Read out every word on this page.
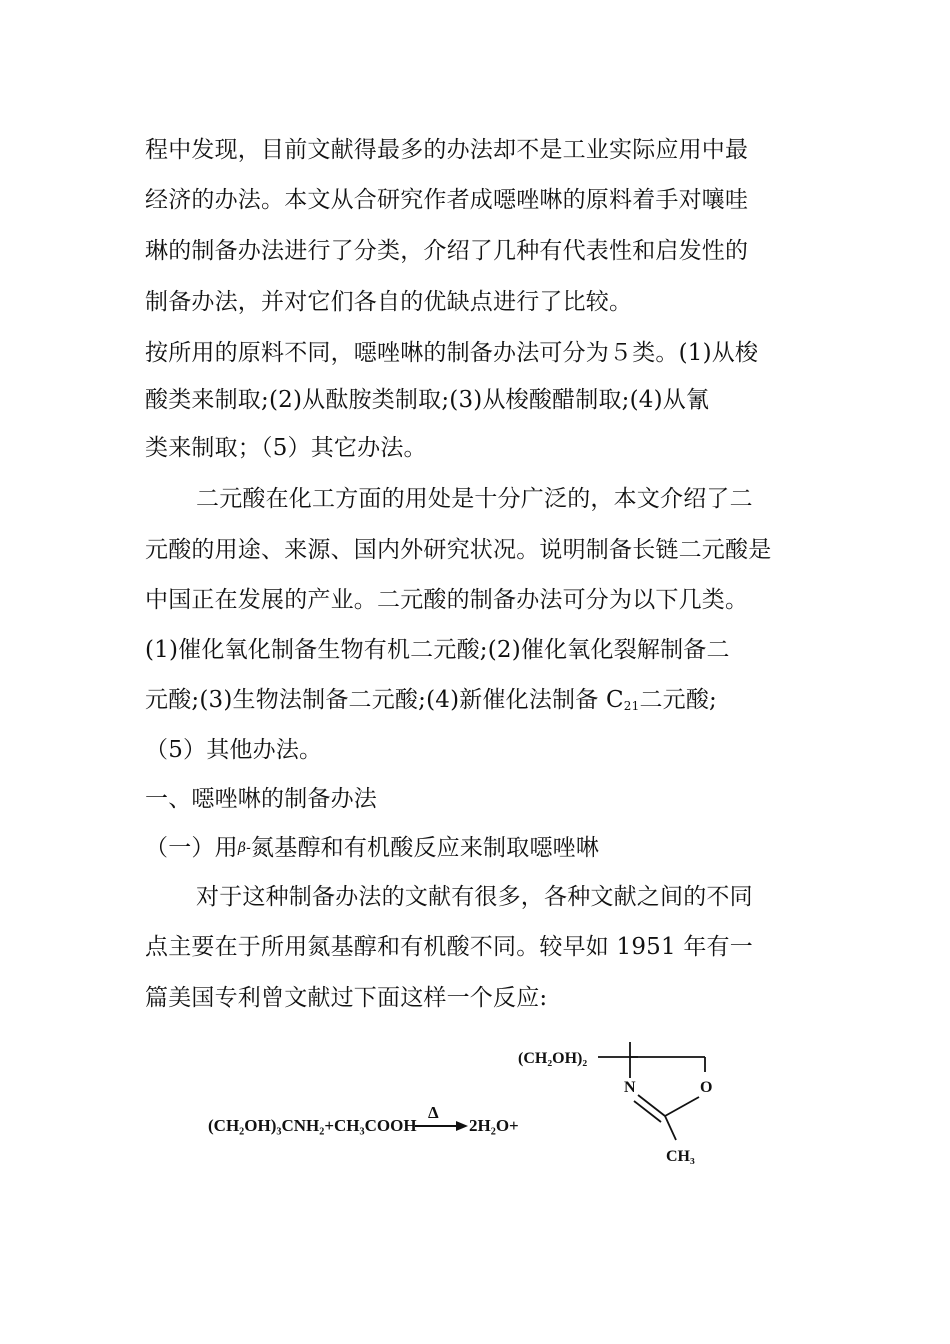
程中发现，目前文献得最多的办法却不是工业实际应用中最
经济的办法。本文从合研究作者成噁唑啉的原料着手对嚷哇
琳的制备办法进行了分类，介绍了几种有代表性和启发性的
制备办法，并对它们各自的优缺点进行了比较。
按所用的原料不同，噁唑啉的制备办法可分为５类。(1)从梭
酸类来制取;(2)从酞胺类制取;(3)从梭酸醋制取;(4)从氰
类来制取；（5）其它办法。
二元酸在化工方面的用处是十分广泛的，本文介绍了二
元酸的用途、来源、国内外研究状况。说明制备长链二元酸是
中国正在发展的产业。二元酸的制备办法可分为以下几类。
(1)催化氧化制备生物有机二元酸;(2)催化氧化裂解制备二
元酸;(3)生物法制备二元酸;(4)新催化法制备 $C_{21}$二元酸;
（5）其他办法。
一、噁唑啉的制备办法
（一）用β-氮基醇和有机酸反应来制取噁唑啉
对于这种制备办法的文献有很多，各种文献之间的不同
点主要在于所用氮基醇和有机酸不同。较早如 1951 年有一
篇美国专利曾文献过下面这样一个反应:
(CH₂OH)₃CNH₂+CH₃COOH
Δ
2H₂O+
(CH₂OH)₂
N	O
CH₃
